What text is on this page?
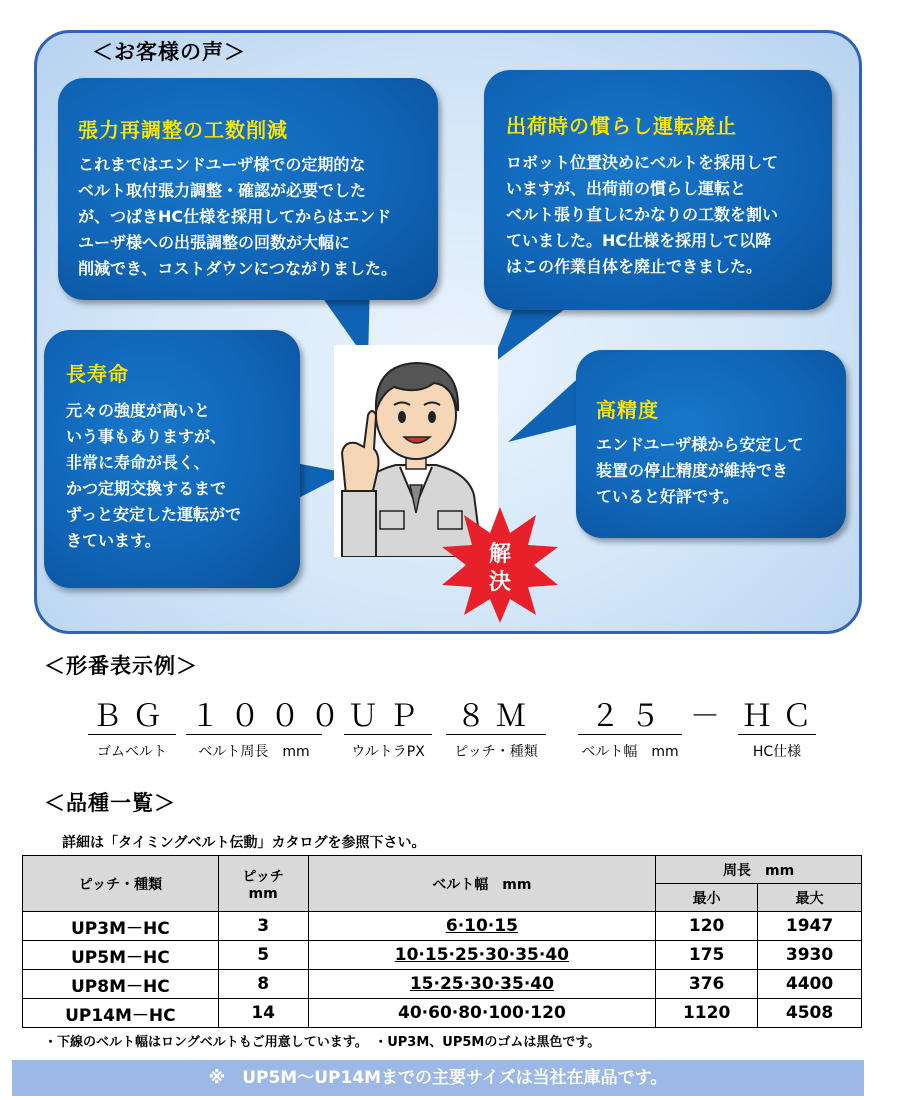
＜お客様の声＞
張力再調整の工数削減
これまではエンドユーザ様での定期的な
ベルト取付張力調整・確認が必要でした
が、つばきHC仕様を採用してからはエンド
ユーザ様への出張調整の回数が大幅に
削減でき、コストダウンにつながりました。
出荷時の慣らし運転廃止
ロボット位置決めにベルトを採用して
いますが、出荷前の慣らし運転と
ベルト張り直しにかなりの工数を割い
ていました。HC仕様を採用して以降
はこの作業自体を廃止できました。
長寿命
元々の強度が高いと
いう事もありますが、
非常に寿命が長く、
かつ定期交換するまで
ずっと安定した運転がで
きています。
高精度
エンドユーザ様から安定して
装置の停止精度が維持でき
ていると好評です。
解
決
＜形番表示例＞
ＢＧ
ゴムベルト
１０００
ベルト周長　mm
ＵＰ
ウルトラPX
８Ｍ
ピッチ・種類
２５
ベルト幅　mm
－ ＨＣ
HC仕様
＜品種一覧＞
詳細は「タイミングベルト伝動」カタログを参照下さい。
ピッチ・種類	ピッチ
mm	ベルト幅　mm	周長　mm	
			最小	最大
UP3M－HC	3	6·10·15	120	1947
UP5M－HC	5	10·15·25·30·35·40	175	3930
UP8M－HC	8	15·25·30·35·40	376	4400
UP14M－HC	14	40·60·80·100·120	1120	4508
・下線のベルト幅はロングベルトもご用意しています。　・UP3M、UP5Mのゴムは黒色です。
※　UP5M～UP14Mまでの主要サイズは当社在庫品です。
